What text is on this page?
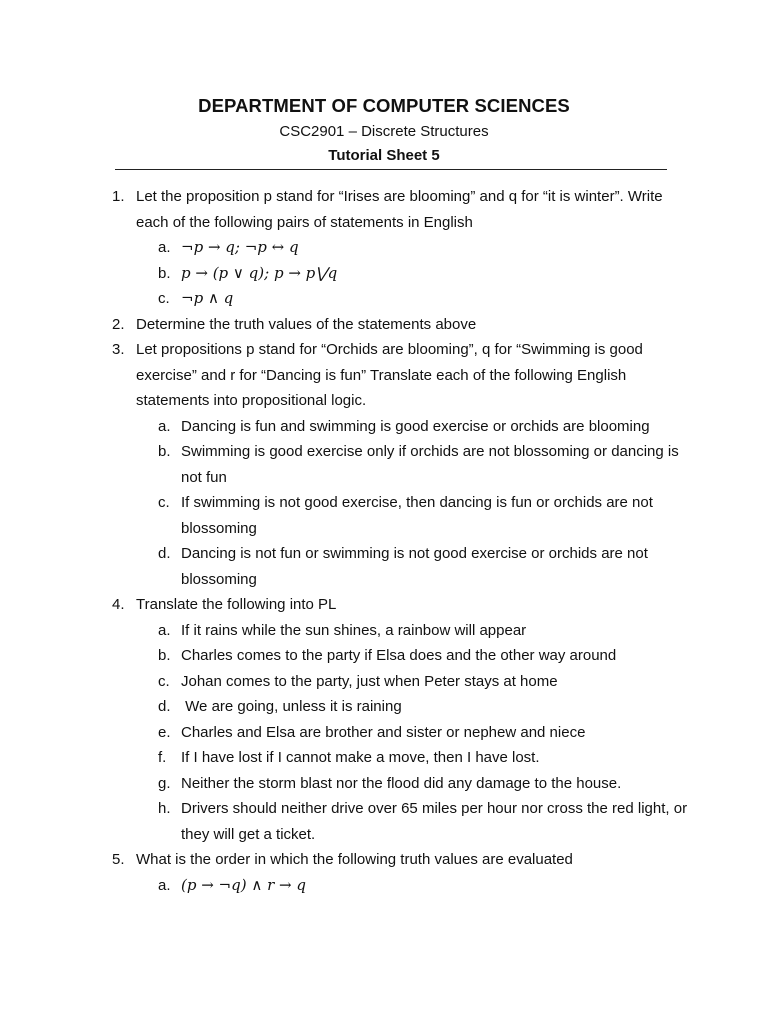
DEPARTMENT OF COMPUTER SCIENCES
CSC2901 – Discrete Structures
Tutorial Sheet 5
1. Let the proposition p stand for “Irises are blooming” and q for “it is winter”. Write each of the following pairs of statements in English
a. ¬p → q; ¬p ↔ q
b. p → (p ∨ q); p → p⋁q
c. ¬p ∧ q
2. Determine the truth values of the statements above
3. Let propositions p stand for “Orchids are blooming”, q for “Swimming is good exercise” and r for “Dancing is fun” Translate each of the following English statements into propositional logic.
a. Dancing is fun and swimming is good exercise or orchids are blooming
b. Swimming is good exercise only if orchids are not blossoming or dancing is not fun
c. If swimming is not good exercise, then dancing is fun or orchids are not blossoming
d. Dancing is not fun or swimming is not good exercise or orchids are not blossoming
4. Translate the following into PL
a. If it rains while the sun shines, a rainbow will appear
b. Charles comes to the party if Elsa does and the other way around
c. Johan comes to the party, just when Peter stays at home
d. We are going, unless it is raining
e. Charles and Elsa are brother and sister or nephew and niece
f. If I have lost if I cannot make a move, then I have lost.
g. Neither the storm blast nor the flood did any damage to the house.
h. Drivers should neither drive over 65 miles per hour nor cross the red light, or they will get a ticket.
5. What is the order in which the following truth values are evaluated
a. (p → ¬q) ∧ r → q
